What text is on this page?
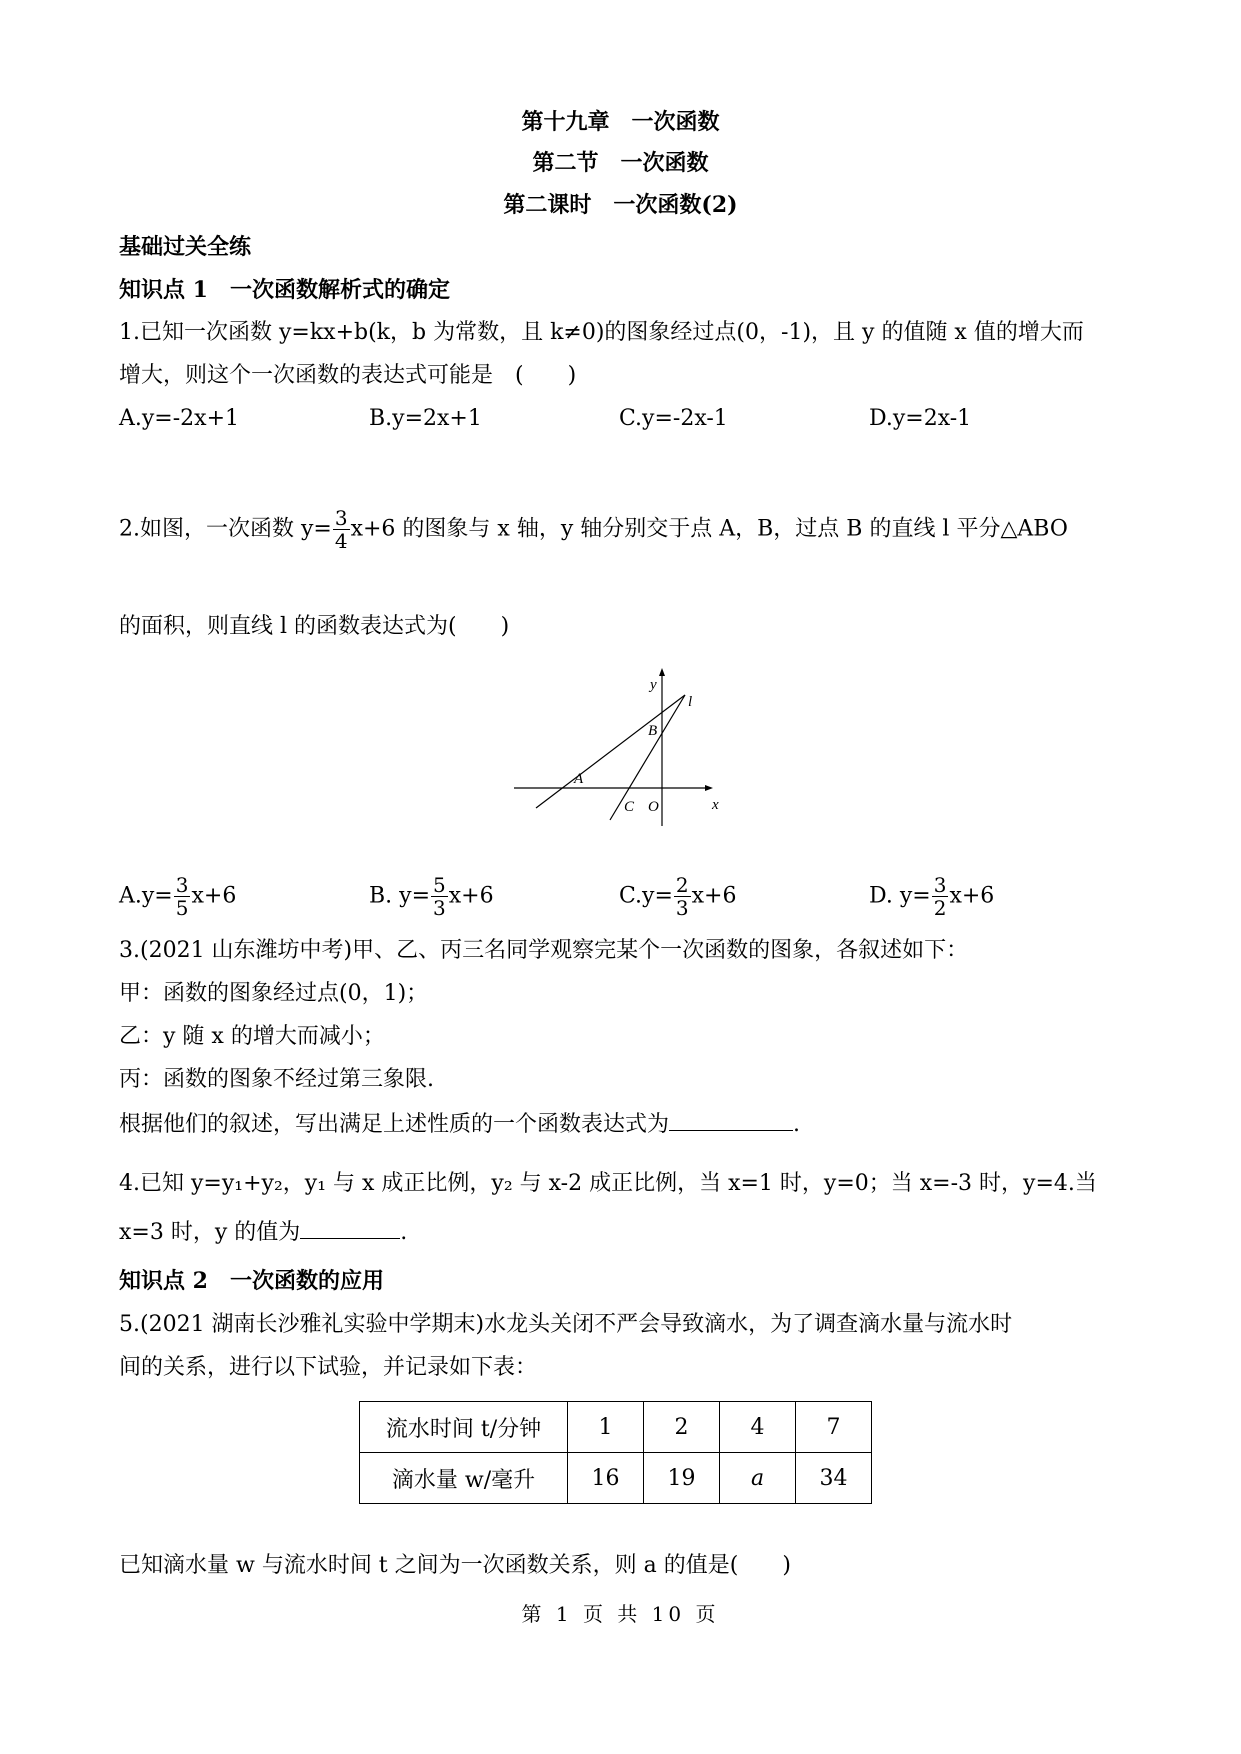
第十九章　一次函数
第二节　一次函数
第二课时　一次函数(2)
基础过关全练
知识点 1　一次函数解析式的确定
1.已知一次函数 y=kx+b(k，b 为常数，且 k≠0)的图象经过点(0，-1)，且 y 的值随 x 值的增大而
增大，则这个一次函数的表达式可能是　(　　)
A.y=-2x+1	B.y=2x+1	C.y=-2x-1	D.y=2x-1
2.如图，一次函数 $y= \frac{3}{4} x+6$ 的图象与 x 轴，y 轴分别交于点 A，B，过点 B 的直线 l 平分△ABO
的面积，则直线 l 的函数表达式为(　　)
y
l
B
A
C O	x
$A.y= \frac{3}{5} x+6$	B. $y= \frac{5}{3} x+6$	$C.y= \frac{2}{3} x+6$	D. $y= \frac{3}{2} x+6$
3.(2021 山东潍坊中考)甲、乙、丙三名同学观察完某个一次函数的图象，各叙述如下：
甲：函数的图象经过点(0，1)；
乙：y 随 x 的增大而减小；
丙：函数的图象不经过第三象限.
根据他们的叙述，写出满足上述性质的一个函数表达式为	.
4.已知 y=y₁+y₂，y₁ 与 x 成正比例，y₂ 与 x-2 成正比例，当 x=1 时，y=0；当 x=-3 时，y=4.当
x=3 时，y 的值为	.
知识点 2　一次函数的应用
5.(2021 湖南长沙雅礼实验中学期末)水龙头关闭不严会导致滴水，为了调查滴水量与流水时
间的关系，进行以下试验，并记录如下表：
流水时间 t/分钟	1	2	4	7
滴水量 w/毫升	16	19	a	34
已知滴水量 w 与流水时间 t 之间为一次函数关系，则 a 的值是(　　)
第 1 页 共 10 页
